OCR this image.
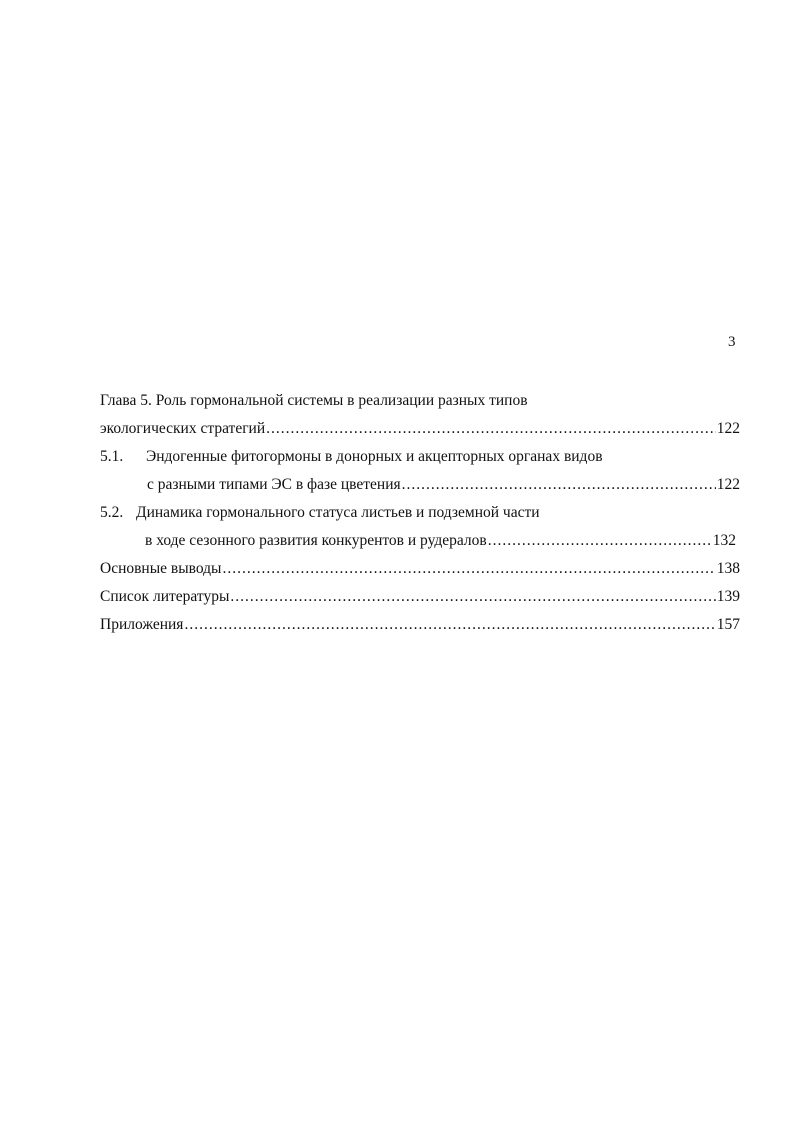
3
Глава 5. Роль гормональной системы в реализации разных типов
экологических стратегий .....	122
5.1. Эндогенные фитогормоны в донорных и акцепторных органах видов
с разными типами ЭС в фазе цветения .....	122
5.2. Динамика гормонального статуса листьев и подземной части
в ходе сезонного развития конкурентов и рудералов .....	132
Основные выводы .....	138
Список литературы .....	139
Приложения .....	157
